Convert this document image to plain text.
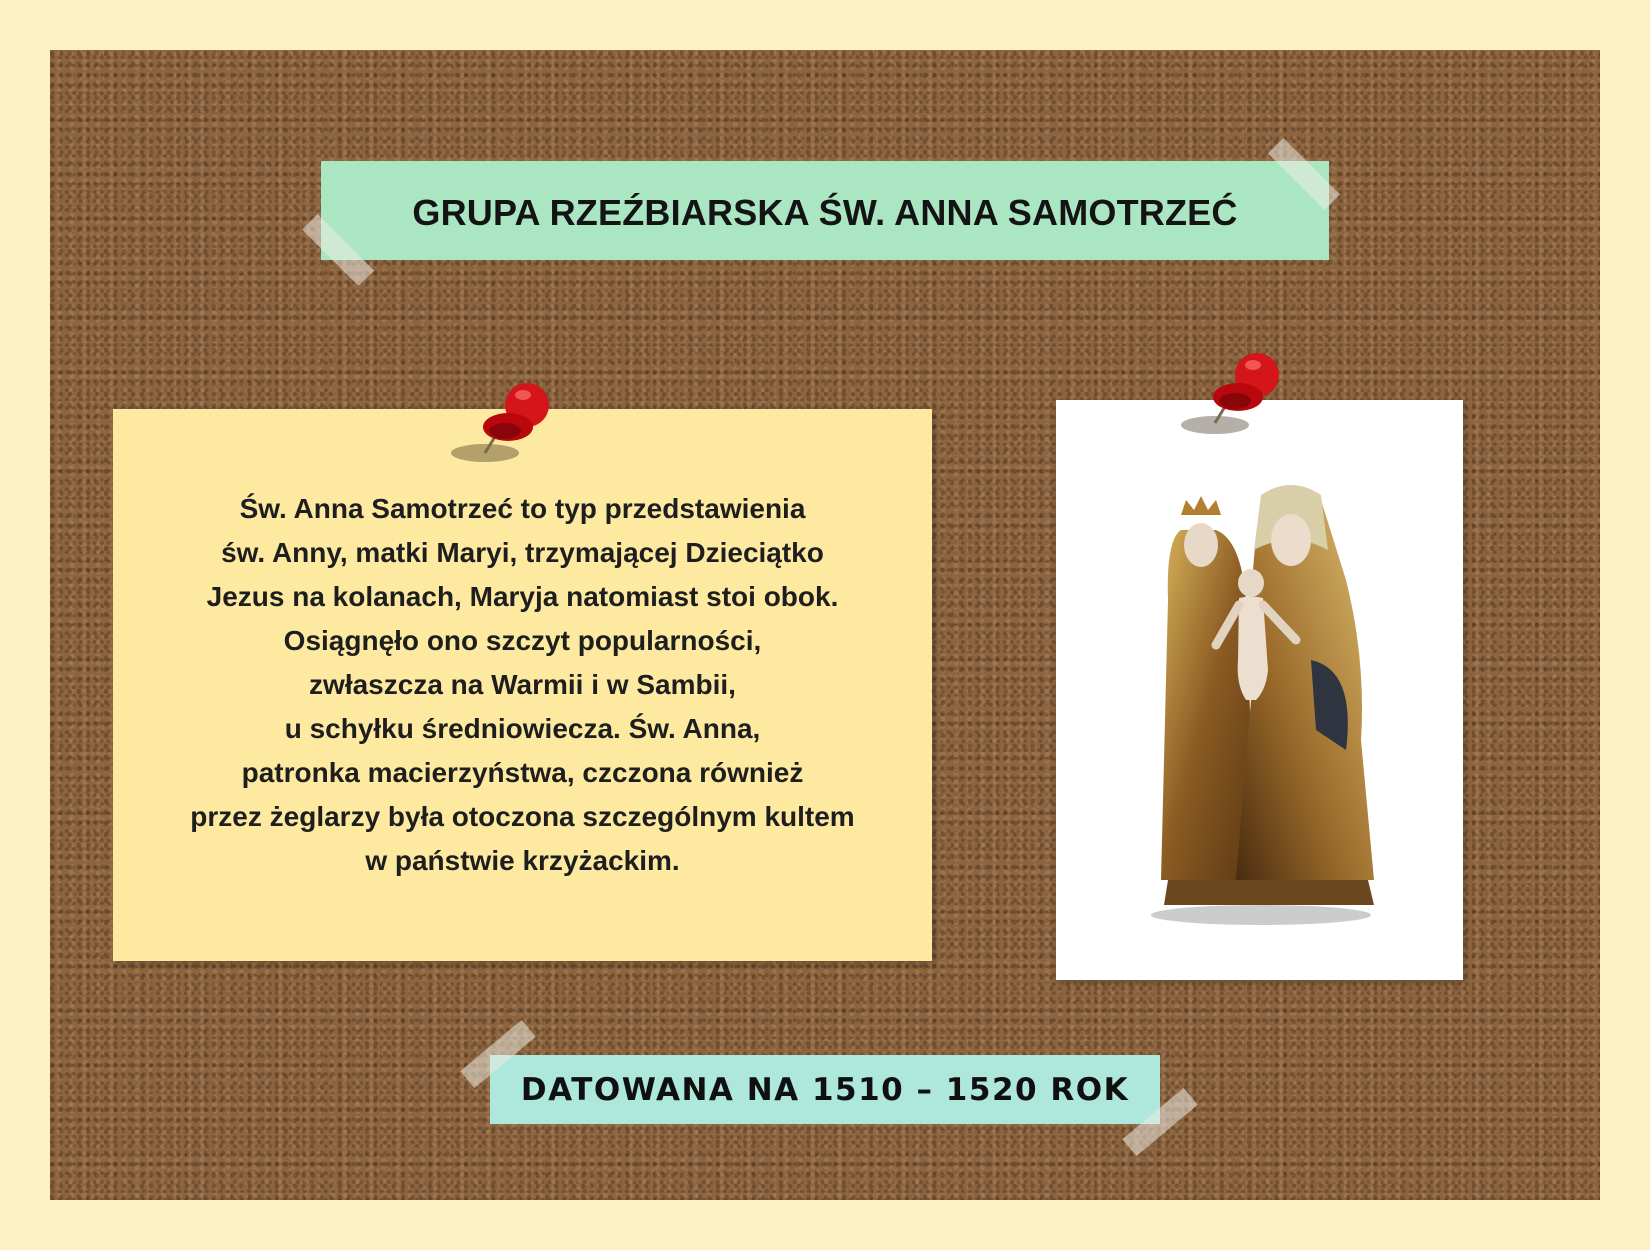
GRUPA RZEŹBIARSKA ŚW. ANNA SAMOTRZEĆ

Św. Anna Samotrzeć to typ przedstawienia
św. Anny, matki Maryi, trzymającej Dzieciątko
Jezus na kolanach, Maryja natomiast stoi obok.
Osiągnęło ono szczyt popularności,
zwłaszcza na Warmii i w Sambii,
u schyłku średniowiecza. Św. Anna,
patronka macierzyństwa, czczona również
przez żeglarzy była otoczona szczególnym kultem
w państwie krzyżackim.

DATOWANA NA 1510 – 1520 ROK
